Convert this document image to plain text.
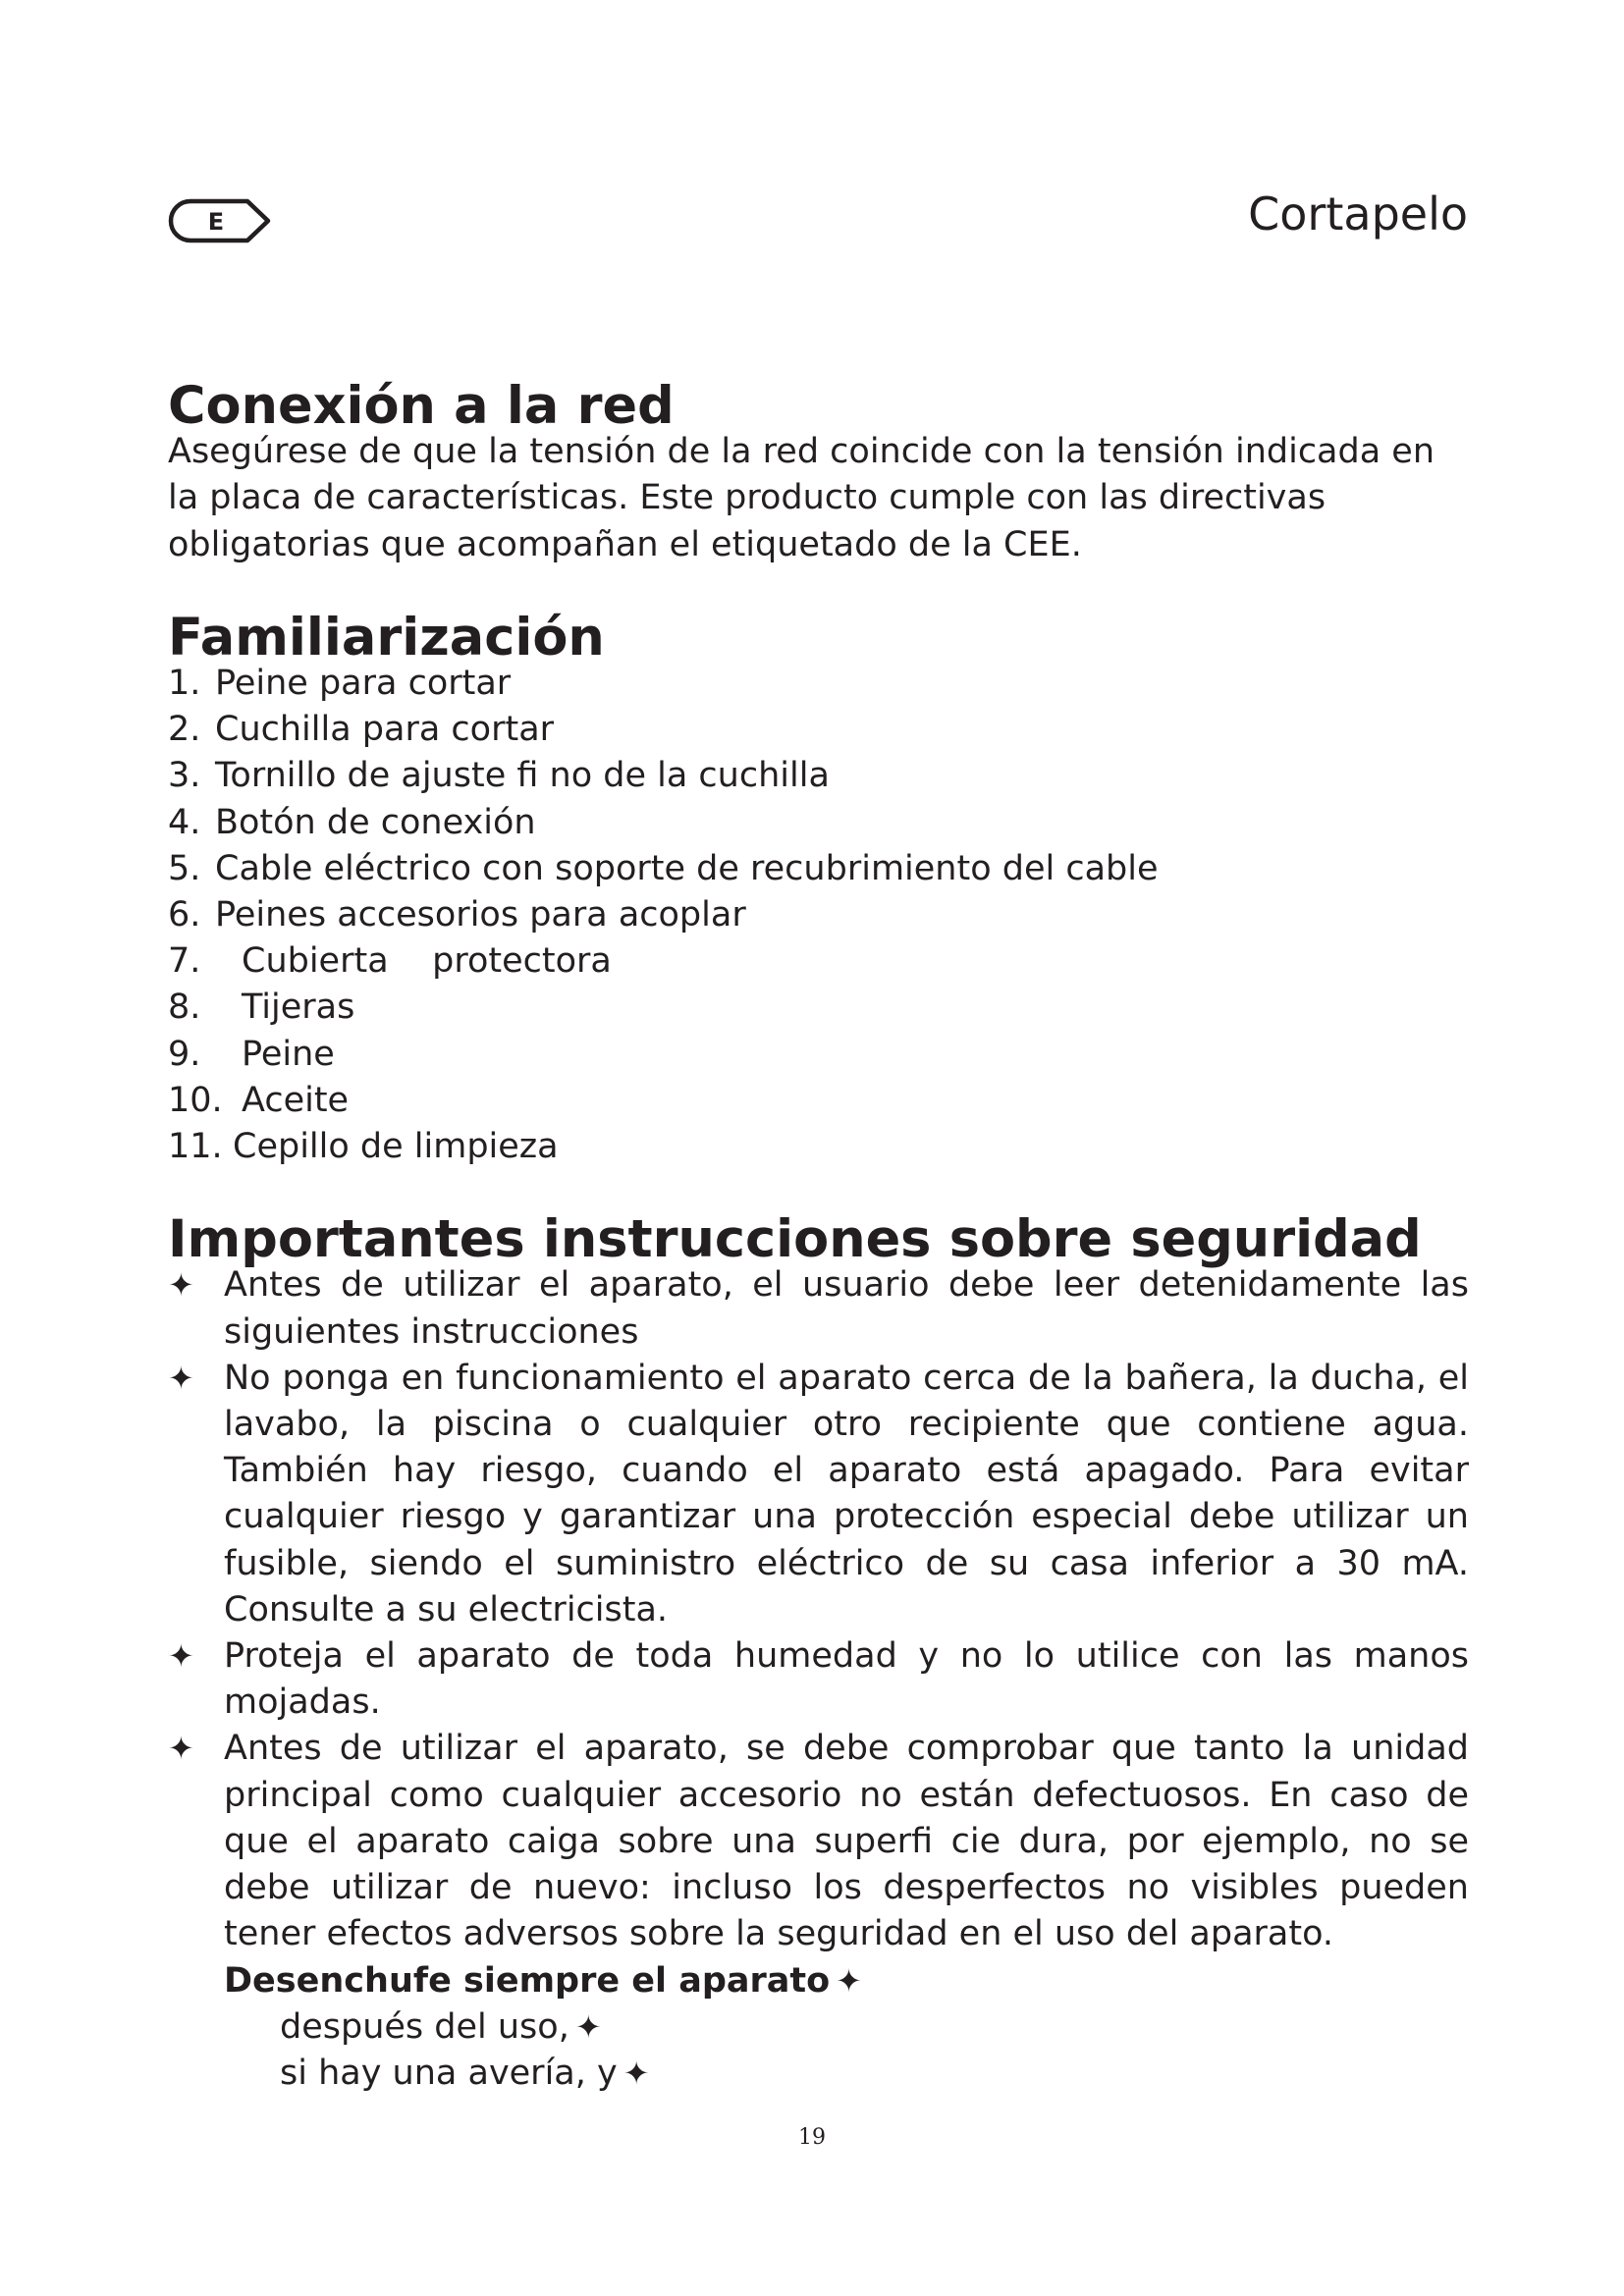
E	Cortapelo
Conexión a la red

Asegúrese de que la tensión de la red coincide con la tensión indicada en la placa de características. Este producto cumple con las directivas obligatorias que acompañan el etiquetado de la CEE.

Familiarización
1. Peine para cortar
2. Cuchilla para cortar
3. Tornillo de ajuste ﬁ no de la cuchilla
4. Botón de conexión
5. Cable eléctrico con soporte de recubrimiento del cable
6. Peines accesorios para acoplar
7.	Cubierta    protectora
8.	Tijeras
9.	Peine
10. Aceite
11. Cepillo de limpieza
Importantes instrucciones sobre seguridad
✦ Antes de utilizar el aparato, el usuario debe leer detenidamente las siguientes instrucciones
✦ No ponga en funcionamiento el aparato cerca de la bañera, la ducha, el lavabo, la piscina o cualquier otro recipiente que contiene agua. También hay riesgo, cuando el aparato está apagado. Para evitar cualquier riesgo y garantizar una protección especial debe utilizar un fusible, siendo el suministro eléctrico de su casa inferior a 30 mA. Consulte a su electricista.
✦ Proteja el aparato de toda humedad y no lo utilice con las manos mojadas.
✦ Antes de utilizar el aparato, se debe comprobar que tanto la unidad principal como cualquier accesorio no están defectuosos. En caso de que el aparato caiga sobre una superﬁ cie dura, por ejemplo, no se debe utilizar de nuevo: incluso los desperfectos no visibles pueden tener efectos adversos sobre la seguridad en el uso del aparato.
Desenchufe siempre el aparato ✦
después del uso, ✦
si hay una avería, y ✦
19
